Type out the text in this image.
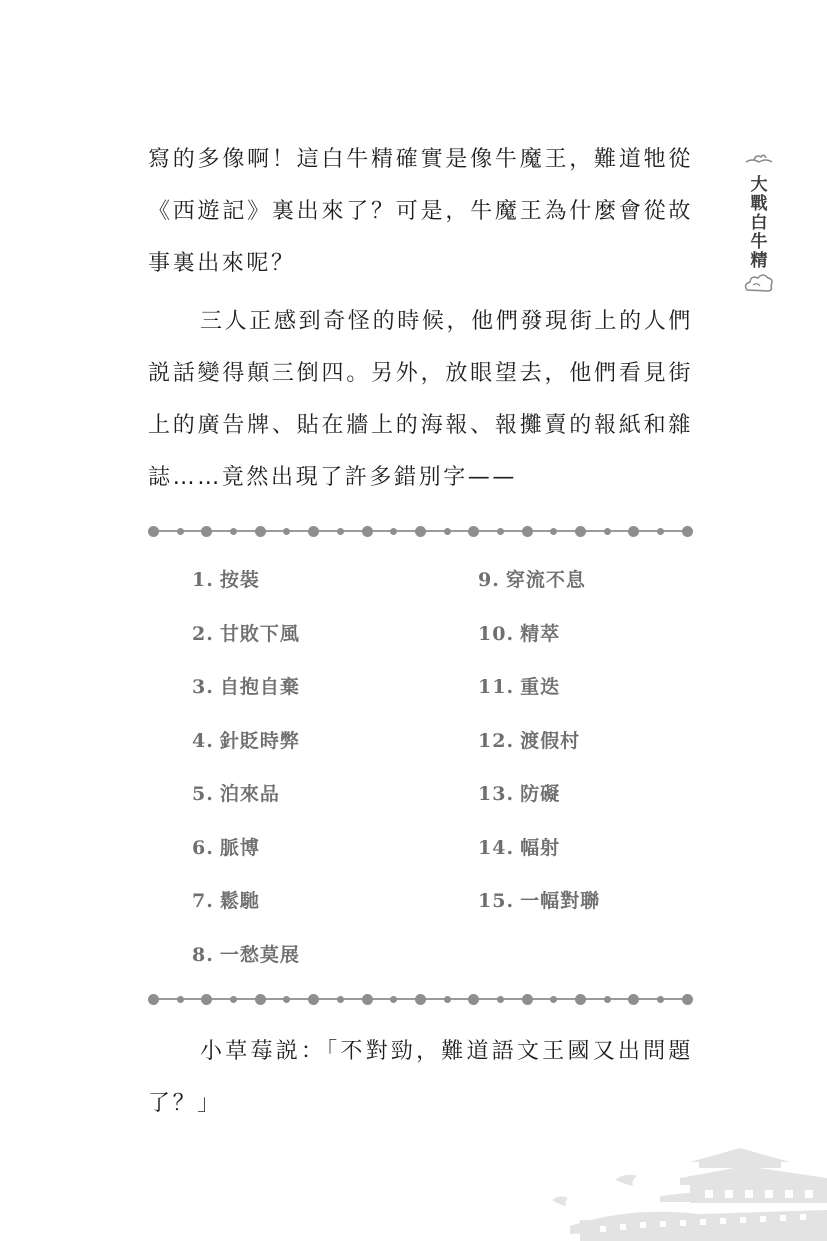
寫的多像啊！這白牛精確實是像牛魔王，難道牠從《西遊記》裏出來了？可是，牛魔王為什麼會從故事裏出來呢？

三人正感到奇怪的時候，他們發現街上的人們説話變得顛三倒四。另外，放眼望去，他們看見街上的廣告牌、貼在牆上的海報、報攤賣的報紙和雜誌……竟然出現了許多錯別字——

1. 按裝
2. 甘敗下風
3. 自抱自棄
4. 針貶時弊
5. 泊來品
6. 脈博
7. 鬆馳
8. 一愁莫展
9. 穿流不息
10. 精萃
11. 重迭
12. 渡假村
13. 防礙
14. 幅射
15. 一幅對聯

小草莓説：「不對勁，難道語文王國又出問題了？」

大戰白牛精
